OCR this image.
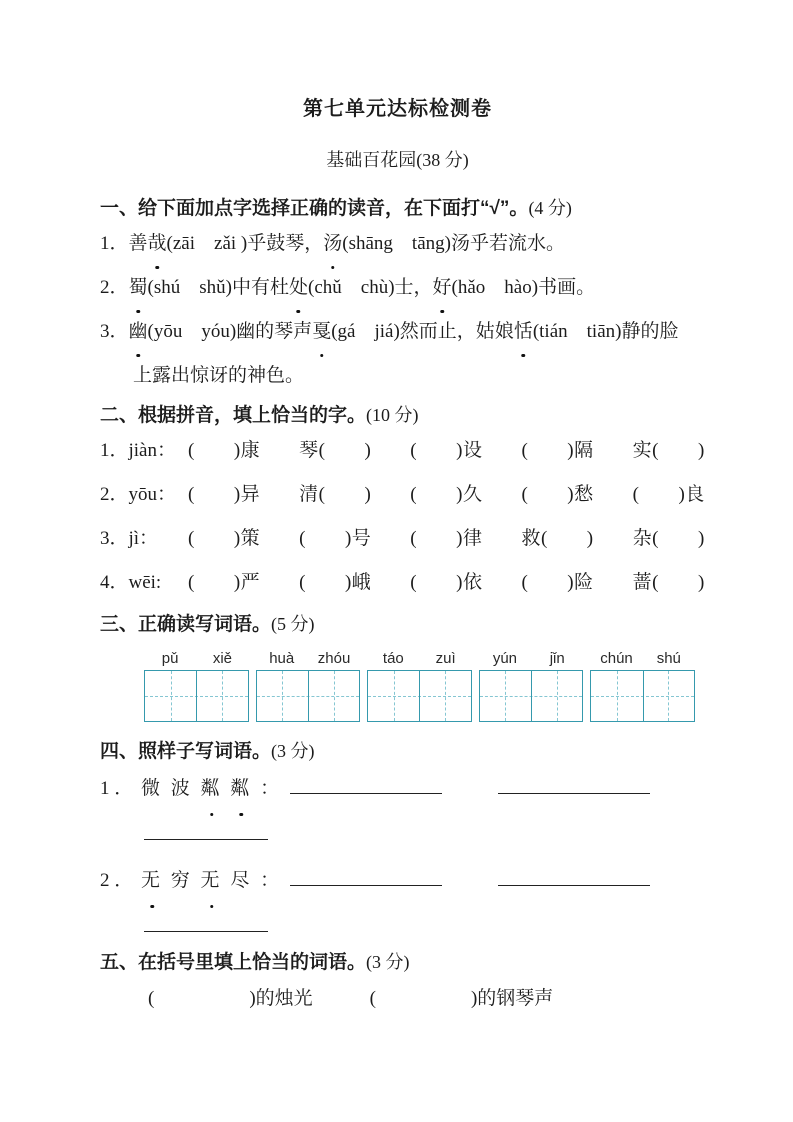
第七单元达标检测卷

基础百花园(38 分)

一、给下面加点字选择正确的读音，在下面打“√”。(4 分)

1．善哉(zāi　zǎi )乎鼓琴，汤(shāng　tāng)汤乎若流水。

2．蜀(shú　shǔ)中有杜处(chǔ　chù)士，好(hǎo　hào)书画。

3．幽(yōu　yóu)幽的琴声戛(gá　jiá)然而止，姑娘恬(tián　tiān)静的脸上露出惊讶的神色。

二、根据拼音，填上恰当的字。(10 分)

1．jiàn： (　　)康　　琴(　　)　　(　　)设　　(　　)隔　　实(　　)

2．yōu： (　　)异　　清(　　)　　(　　)久　　(　　)愁　　(　　)良

3．jì：	(　　)策　　(　　)号　　(　　)律　　救(　　)　　杂(　　)

4．wēi:	(　　)严　　(　　)峨　　(　　)依　　(　　)险　　蔷(　　)

三、正确读写词语。(5 分)

pǔ	xiě	huà	zhóu	táo	zuì	yún	jǐn	chún	shú

四、照样子写词语。(3 分)

1 ． 微 波 粼 粼 ：

2 ． 无 穷 无 尽 ：

五、在括号里填上恰当的词语。(3 分)

(　　　　　)的烛光　　　(　　　　　)的钢琴声
